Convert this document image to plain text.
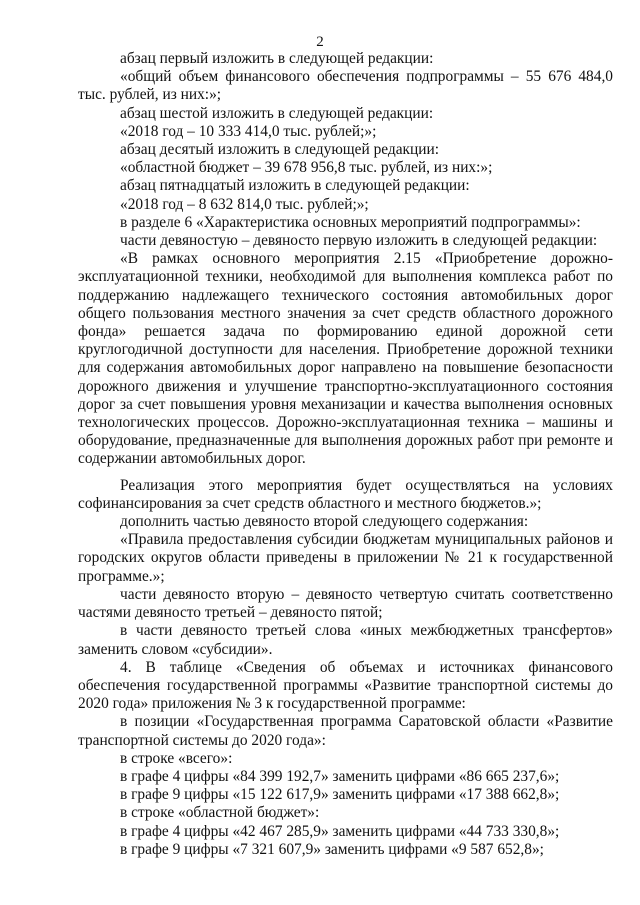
2

абзац первый изложить в следующей редакции:

«общий объем финансового обеспечения подпрограммы – 55 676 484,0 тыс. рублей, из них:»;

абзац шестой изложить в следующей редакции:

«2018 год – 10 333 414,0 тыс. рублей;»;

абзац десятый изложить в следующей редакции:

«областной бюджет – 39 678 956,8 тыс. рублей, из них:»;

абзац пятнадцатый изложить в следующей редакции:

«2018 год – 8 632 814,0 тыс. рублей;»;

в разделе 6 «Характеристика основных мероприятий подпрограммы»:

части девяностую – девяносто первую изложить в следующей редакции:

«В рамках основного мероприятия 2.15 «Приобретение дорожно-эксплуатационной техники, необходимой для выполнения комплекса работ по поддержанию надлежащего технического состояния автомобильных дорог общего пользования местного значения за счет средств областного дорожного фонда» решается задача по формированию единой дорожной сети круглогодичной доступности для населения. Приобретение дорожной техники для содержания автомобильных дорог направлено на повышение безопасности дорожного движения и улучшение транспортно-эксплуатационного состояния дорог за счет повышения уровня механизации и качества выполнения основных технологических процессов. Дорожно-эксплуатационная техника – машины и оборудование, предназначенные для выполнения дорожных работ при ремонте и содержании автомобильных дорог.

Реализация этого мероприятия будет осуществляться на условиях софинансирования за счет средств областного и местного бюджетов.»;

дополнить частью девяносто второй следующего содержания:

«Правила предоставления субсидии бюджетам муниципальных районов и городских округов области приведены в приложении № 21 к государственной программе.»;

части девяносто вторую – девяносто четвертую считать соответственно частями девяносто третьей – девяносто пятой;

в части девяносто третьей слова «иных межбюджетных трансфертов» заменить словом «субсидии».

4. В таблице «Сведения об объемах и источниках финансового обеспечения государственной программы «Развитие транспортной системы до 2020 года» приложения № 3 к государственной программе:

в позиции «Государственная программа Саратовской области «Развитие транспортной системы до 2020 года»:

в строке «всего»:

в графе 4 цифры «84 399 192,7» заменить цифрами «86 665 237,6»;

в графе 9 цифры «15 122 617,9» заменить цифрами «17 388 662,8»;

в строке «областной бюджет»:

в графе 4 цифры «42 467 285,9» заменить цифрами «44 733 330,8»;

в графе 9 цифры «7 321 607,9» заменить цифрами «9 587 652,8»;
